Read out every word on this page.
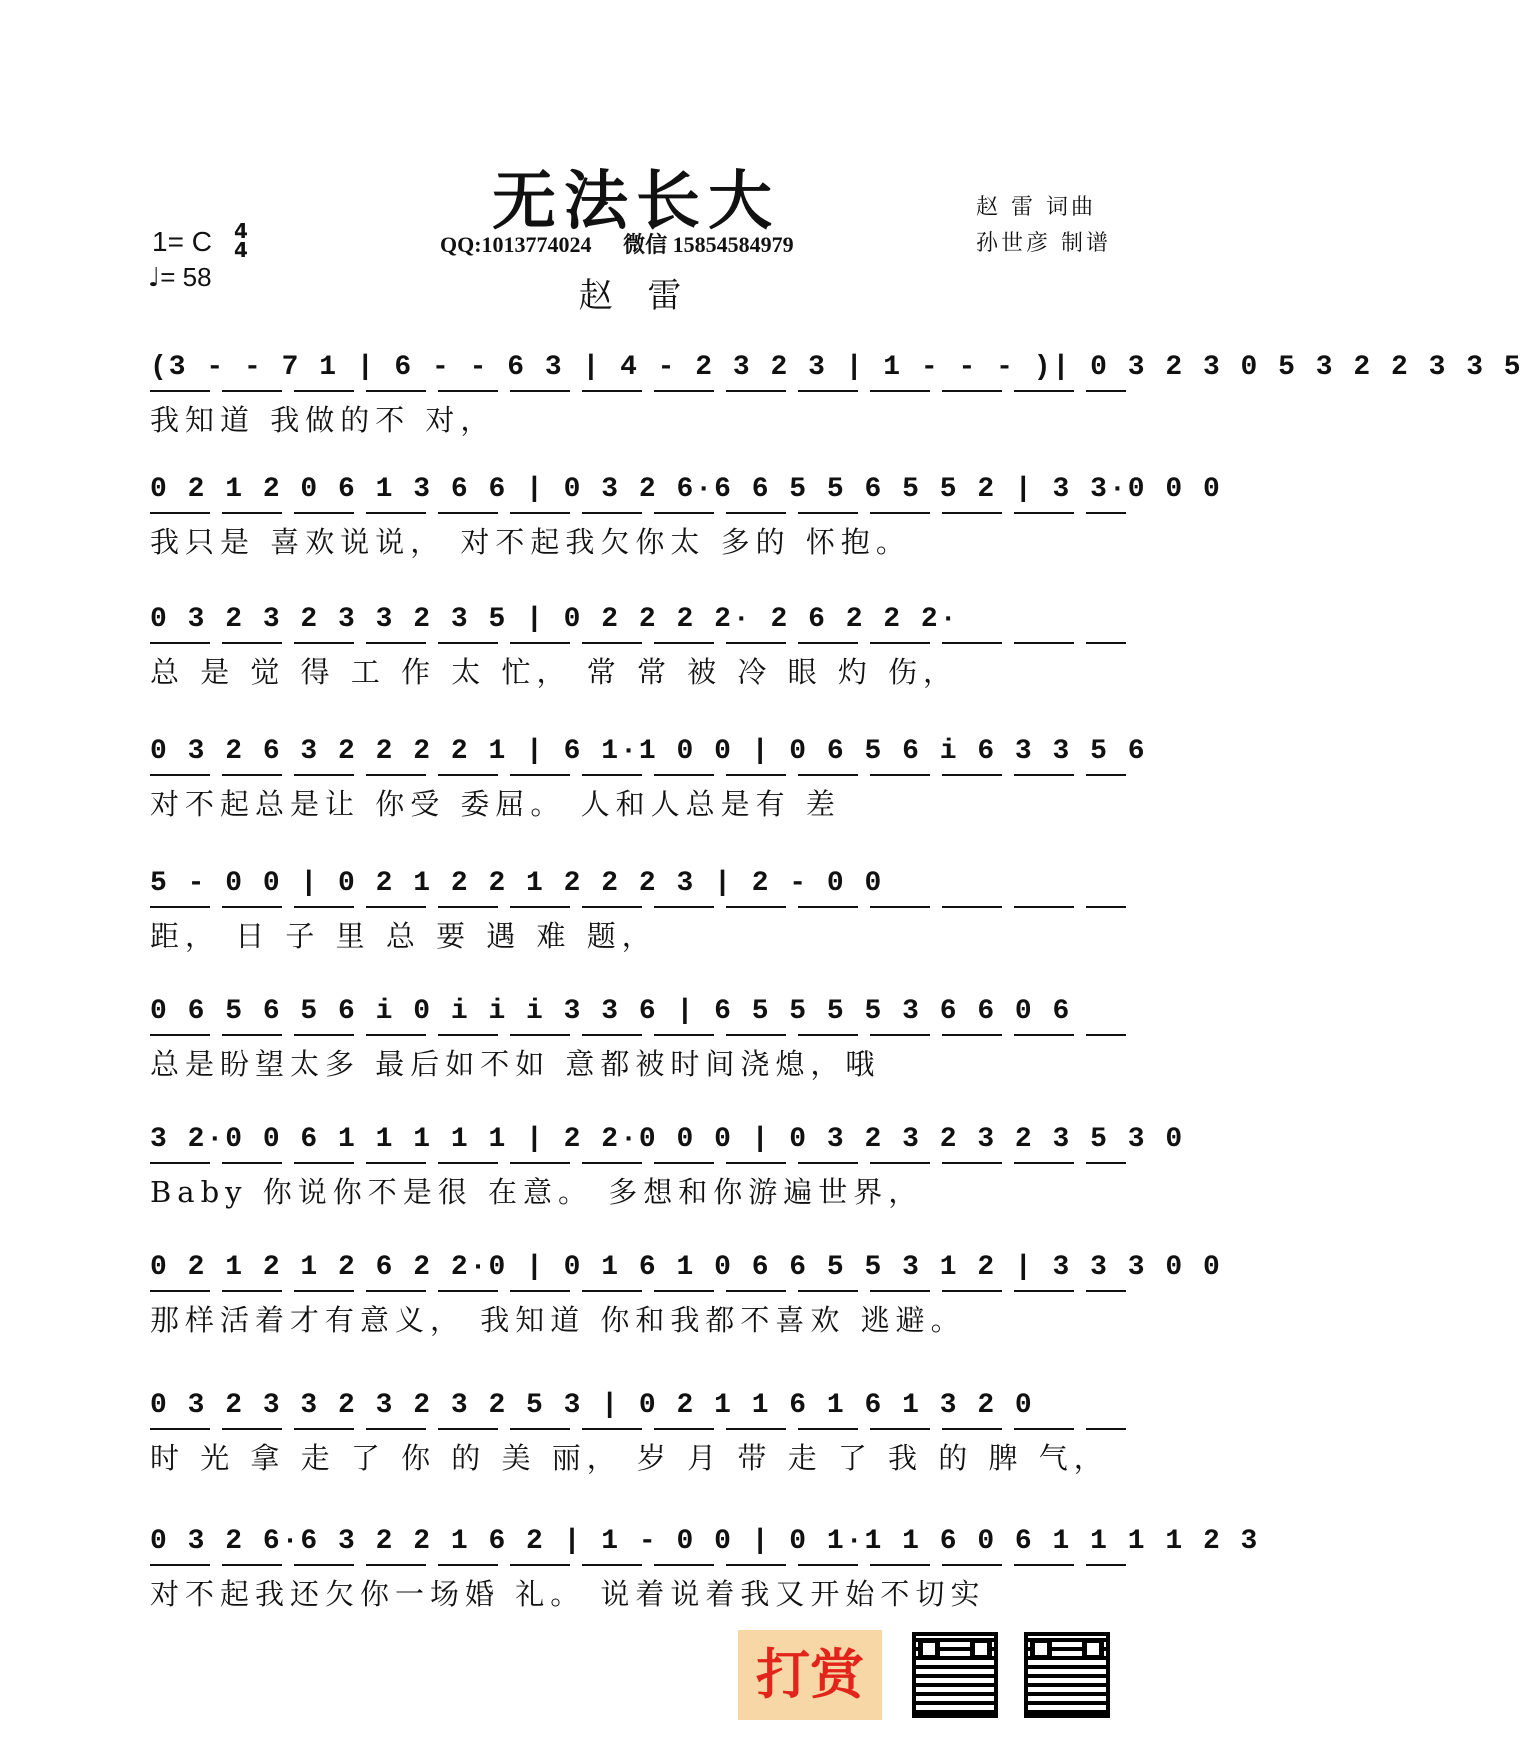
无法长大
QQ:1013774024 微信 15854584979
赵 雷
赵 雷 词曲
孙世彦 制谱
1= C 4
4
♩= 58
(3 - - 7 1 | 6 - - 6 3 | 4 - 2 3 2 3 | 1 - - - )| 0 3 2 3 0 5 3 2 2 3 3 5
我知道 我做的不 对，
0 2 1 2 0 6 1 3 6 6 | 0 3 2 6·6 6 5 5 6 5 5 2 | 3 3·0 0 0
我只是 喜欢说说， 对不起我欠你太 多的 怀抱。
0 3 2 3 2 3 3 2 3 5 | 0 2 2 2 2· 2 6 2 2 2·
总 是 觉 得 工 作 太 忙， 常 常 被 冷 眼 灼 伤，
0 3 2 6 3 2 2 2 2 1 | 6 1·1 0 0 | 0 6 5 6 i 6 3 3 5 6
对不起总是让 你受 委屈。 人和人总是有 差
5 - 0 0 | 0 2 1 2 2 1 2 2 2 3 | 2 - 0 0
距， 日 子 里 总 要 遇 难 题，
0 6 5 6 5 6 i 0 i i i 3 3 6 | 6 5 5 5 5 3 6 6 0 6
总是盼望太多 最后如不如 意都被时间浇熄，哦
3 2·0 0 6 1 1 1 1 1 | 2 2·0 0 0 | 0 3 2 3 2 3 2 3 5 3 0
Baby 你说你不是很 在意。 多想和你游遍世界，
0 2 1 2 1 2 6 2 2·0 | 0 1 6 1 0 6 6 5 5 3 1 2 | 3 3 3 0 0
那样活着才有意义， 我知道 你和我都不喜欢 逃避。
0 3 2 3 3 2 3 2 3 2 5 3 | 0 2 1 1 6 1 6 1 3 2 0
时 光 拿 走 了 你 的 美 丽， 岁 月 带 走 了 我 的 脾 气，
0 3 2 6·6 3 2 2 1 6 2 | 1 - 0 0 | 0 1·1 1 6 0 6 1 1 1 1 2 3
对不起我还欠你一场婚 礼。 说着说着我又开始不切实
打赏
